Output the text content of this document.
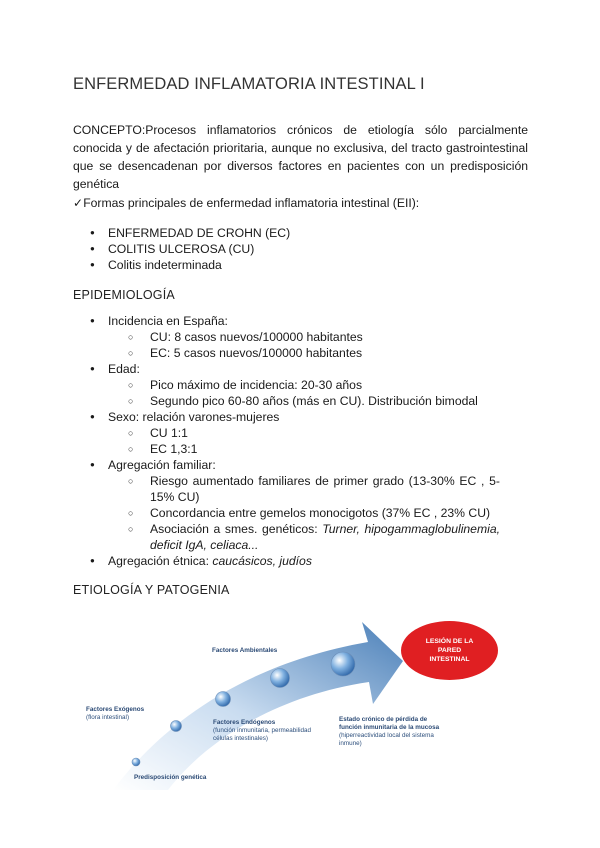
ENFERMEDAD INFLAMATORIA INTESTINAL I
CONCEPTO:Procesos inflamatorios crónicos de etiología sólo parcialmente conocida y de afectación prioritaria, aunque no exclusiva, del tracto gastrointestinal que se desencadenan por diversos factores en pacientes con un predisposición genética
✓Formas principales de enfermedad inflamatoria intestinal (EII):
● ENFERMEDAD DE CROHN (EC)
● COLITIS ULCEROSA (CU)
● Colitis indeterminada
EPIDEMIOLOGÍA
● Incidencia en España:
○ CU: 8 casos nuevos/100000 habitantes
○ EC: 5 casos nuevos/100000 habitantes
● Edad:
○ Pico máximo de incidencia: 20-30 años
○ Segundo pico 60-80 años (más en CU). Distribución bimodal
● Sexo: relación varones-mujeres
○ CU 1:1
○ EC 1,3:1
● Agregación familiar:
○ Riesgo aumentado familiares de primer grado (13-30% EC , 5-15% CU)
○ Concordancia entre gemelos monocigotos (37% EC , 23% CU)
○ Asociación a smes. genéticos: Turner, hipogammaglobulinemia, deficit IgA, celiaca...
● Agregación étnica: caucásicos, judíos
ETIOLOGÍA Y PATOGENIA
Factores Ambientales
Factores Exógenos
(flora intestinal)
Factores Endógenos
(función inmunitaria, permeabilidad células intestinales)
Estado crónico de pérdida de función inmunitaria de la mucosa (hiperreactividad local del sistema inmune)
Predisposición genética
LESIÓN DE LA PARED INTESTINAL
